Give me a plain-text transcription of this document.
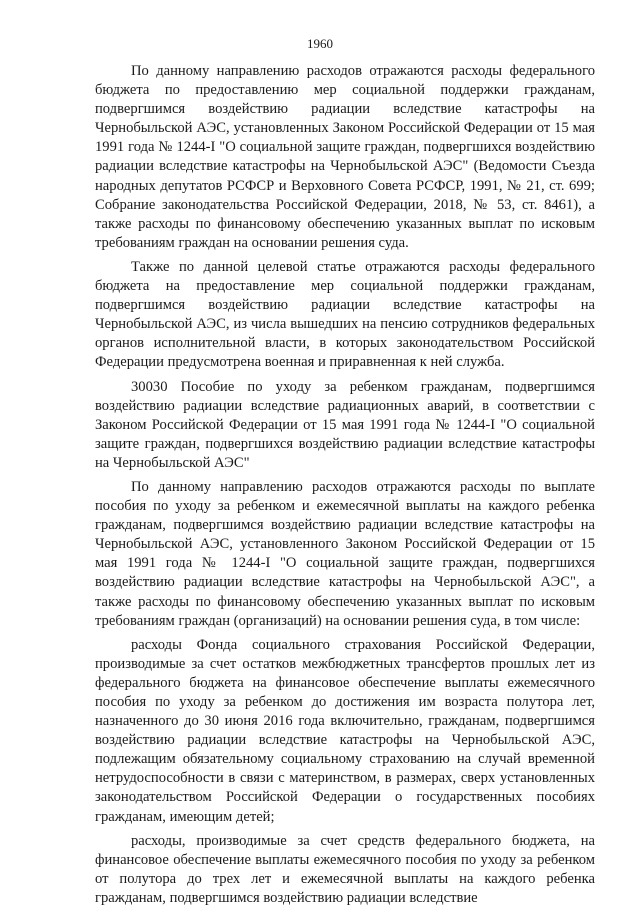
1960

По данному направлению расходов отражаются расходы федерального бюджета по предоставлению мер социальной поддержки гражданам, подвергшимся воздействию радиации вследствие катастрофы на Чернобыльской АЭС, установленных Законом Российской Федерации от 15 мая 1991 года № 1244-I "О социальной защите граждан, подвергшихся воздействию радиации вследствие катастрофы на Чернобыльской АЭС" (Ведомости Съезда народных депутатов РСФСР и Верховного Совета РСФСР, 1991, № 21, ст. 699; Собрание законодательства Российской Федерации, 2018, № 53, ст. 8461), а также расходы по финансовому обеспечению указанных выплат по исковым требованиям граждан на основании решения суда.

Также по данной целевой статье отражаются расходы федерального бюджета на предоставление мер социальной поддержки гражданам, подвергшимся воздействию радиации вследствие катастрофы на Чернобыльской АЭС, из числа вышедших на пенсию сотрудников федеральных органов исполнительной власти, в которых законодательством Российской Федерации предусмотрена военная и приравненная к ней служба.

30030 Пособие по уходу за ребенком гражданам, подвергшимся воздействию радиации вследствие радиационных аварий, в соответствии с Законом Российской Федерации от 15 мая 1991 года № 1244-I "О социальной защите граждан, подвергшихся воздействию радиации вследствие катастрофы на Чернобыльской АЭС"

По данному направлению расходов отражаются расходы по выплате пособия по уходу за ребенком и ежемесячной выплаты на каждого ребенка гражданам, подвергшимся воздействию радиации вследствие катастрофы на Чернобыльской АЭС, установленного Законом Российской Федерации от 15 мая 1991 года № 1244-I "О социальной защите граждан, подвергшихся воздействию радиации вследствие катастрофы на Чернобыльской АЭС", а также расходы по финансовому обеспечению указанных выплат по исковым требованиям граждан (организаций) на основании решения суда, в том числе:

расходы Фонда социального страхования Российской Федерации, производимые за счет остатков межбюджетных трансфертов прошлых лет из федерального бюджета на финансовое обеспечение выплаты ежемесячного пособия по уходу за ребенком до достижения им возраста полутора лет, назначенного до 30 июня 2016 года включительно, гражданам, подвергшимся воздействию радиации вследствие катастрофы на Чернобыльской АЭС, подлежащим обязательному социальному страхованию на случай временной нетрудоспособности в связи с материнством, в размерах, сверх установленных законодательством Российской Федерации о государственных пособиях гражданам, имеющим детей;

расходы, производимые за счет средств федерального бюджета, на финансовое обеспечение выплаты ежемесячного пособия по уходу за ребенком от полутора до трех лет и ежемесячной выплаты на каждого ребенка гражданам, подвергшимся воздействию радиации вследствие
